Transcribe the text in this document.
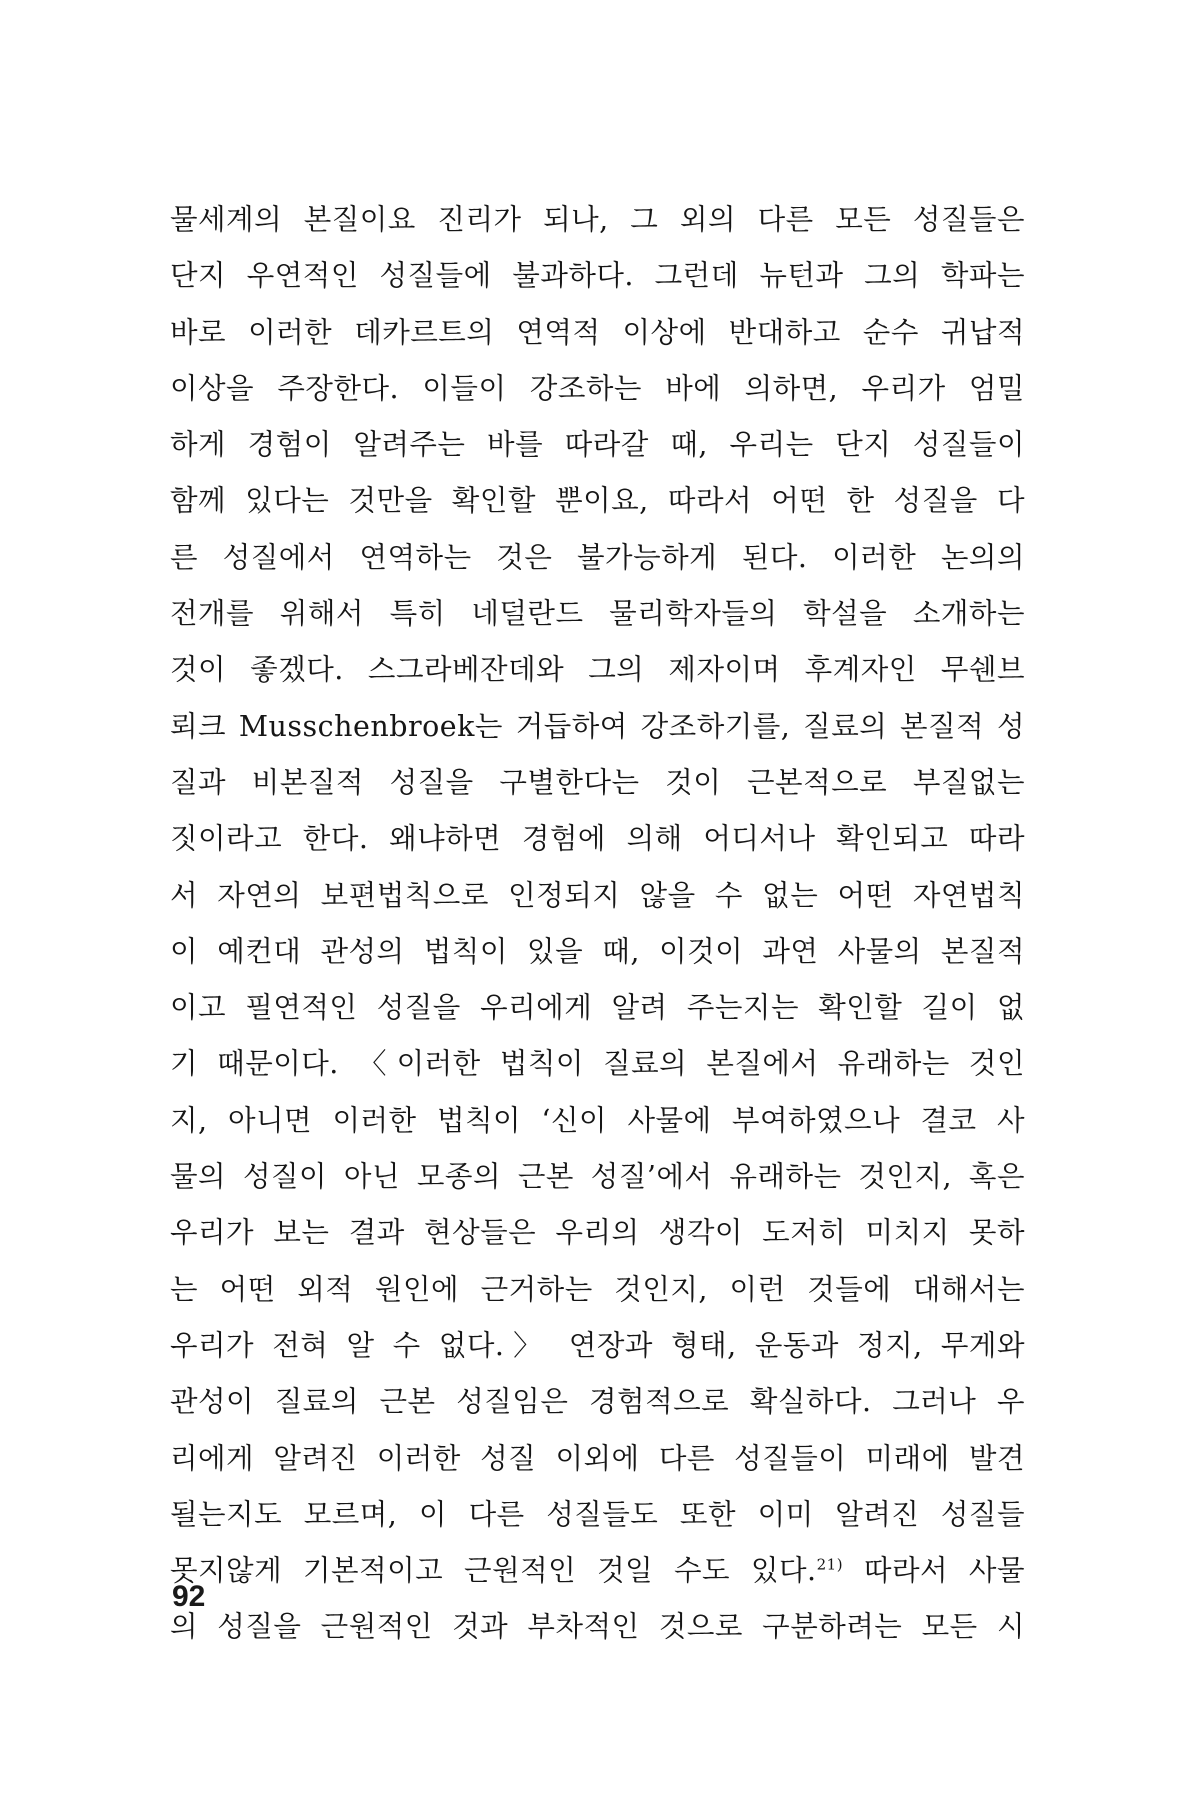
물세계의 본질이요 진리가 되나, 그 외의 다른 모든 성질들은
단지 우연적인 성질들에 불과하다. 그런데 뉴턴과 그의 학파는
바로 이러한 데카르트의 연역적 이상에 반대하고 순수 귀납적
이상을 주장한다. 이들이 강조하는 바에 의하면, 우리가 엄밀
하게 경험이 알려주는 바를 따라갈 때, 우리는 단지 성질들이
함께 있다는 것만을 확인할 뿐이요, 따라서 어떤 한 성질을 다
른 성질에서 연역하는 것은 불가능하게 된다. 이러한 논의의
전개를 위해서 특히 네덜란드 물리학자들의 학설을 소개하는
것이 좋겠다. 스그라베잔데와 그의 제자이며 후계자인 무쉔브
뢰크 Musschenbroek는 거듭하여 강조하기를, 질료의 본질적 성
질과 비본질적 성질을 구별한다는 것이 근본적으로 부질없는
짓이라고 한다. 왜냐하면 경험에 의해 어디서나 확인되고 따라
서 자연의 보편법칙으로 인정되지 않을 수 없는 어떤 자연법칙
이 예컨대 관성의 법칙이 있을 때, 이것이 과연 사물의 본질적
이고 필연적인 성질을 우리에게 알려 주는지는 확인할 길이 없
기 때문이다. 〈이러한 법칙이 질료의 본질에서 유래하는 것인
지, 아니면 이러한 법칙이 ‘신이 사물에 부여하였으나 결코 사
물의 성질이 아닌 모종의 근본 성질’에서 유래하는 것인지, 혹은
우리가 보는 결과 현상들은 우리의 생각이 도저히 미치지 못하
는 어떤 외적 원인에 근거하는 것인지, 이런 것들에 대해서는
우리가 전혀 알 수 없다.〉 연장과 형태, 운동과 정지, 무게와
관성이 질료의 근본 성질임은 경험적으로 확실하다. 그러나 우
리에게 알려진 이러한 성질 이외에 다른 성질들이 미래에 발견
될는지도 모르며, 이 다른 성질들도 또한 이미 알려진 성질들
못지않게 기본적이고 근원적인 것일 수도 있다.$^{21)}$ 따라서 사물
의 성질을 근원적인 것과 부차적인 것으로 구분하려는 모든 시
92
